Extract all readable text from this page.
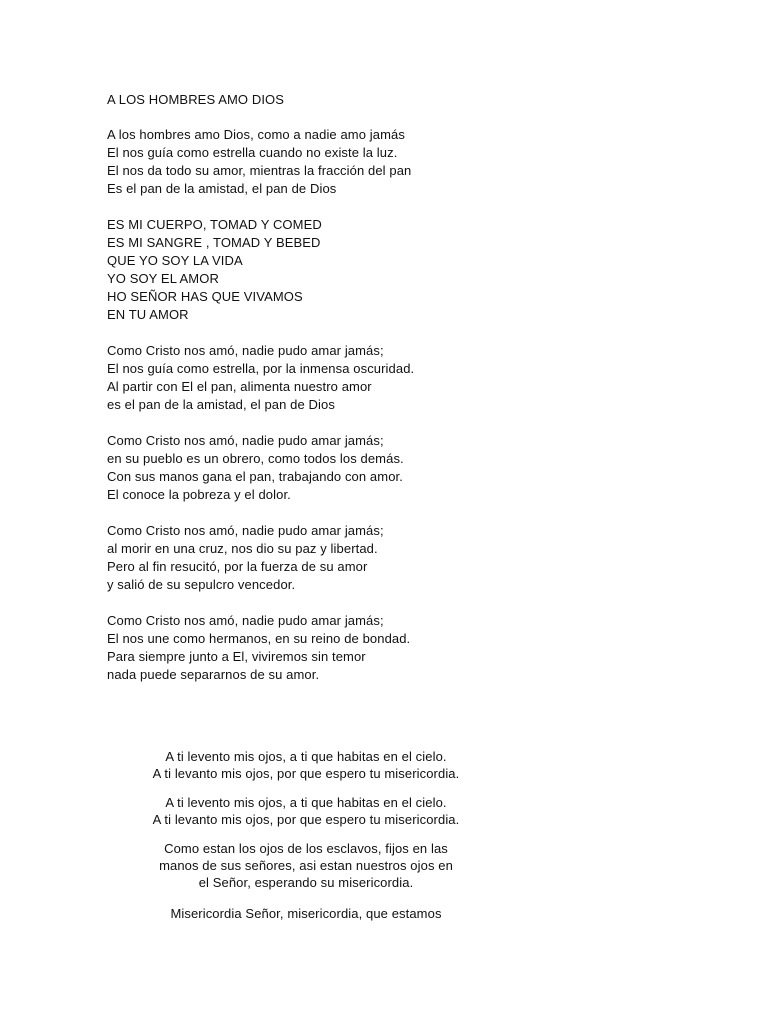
A LOS HOMBRES AMO DIOS
A los hombres amo Dios, como a nadie amo jamás
El nos guía como estrella cuando no existe la luz.
El nos da todo su amor, mientras la fracción del pan
Es el pan de la amistad, el pan de Dios
ES MI CUERPO, TOMAD Y COMED
ES MI SANGRE , TOMAD Y BEBED
QUE YO SOY LA VIDA
YO SOY EL AMOR
HO SEÑOR HAS QUE VIVAMOS
EN TU AMOR
Como Cristo nos amó, nadie pudo amar jamás;
El nos guía como estrella, por la inmensa oscuridad.
Al partir con El el pan, alimenta nuestro amor
es el pan de la amistad, el pan de Dios
Como Cristo nos amó, nadie pudo amar jamás;
en su pueblo es un obrero, como todos los demás.
Con sus manos gana el pan, trabajando con amor.
El conoce la pobreza y el dolor.
Como Cristo nos amó, nadie pudo amar jamás;
al morir en una cruz, nos dio su paz y libertad.
Pero al fin resucitó, por la fuerza de su amor
y salió de su sepulcro vencedor.
Como Cristo nos amó, nadie pudo amar jamás;
El nos une como hermanos, en su reino de bondad.
Para siempre junto a El, viviremos sin temor
nada puede separarnos de su amor.
A ti levento mis ojos, a ti que habitas en el cielo.
A ti levanto mis ojos, por que espero tu misericordia.
A ti levento mis ojos, a ti que habitas en el cielo.
A ti levanto mis ojos, por que espero tu misericordia.
Como estan los ojos de los esclavos, fijos en las
manos de sus señores, asi estan nuestros ojos en
el Señor, esperando su misericordia.
Misericordia Señor, misericordia, que estamos
